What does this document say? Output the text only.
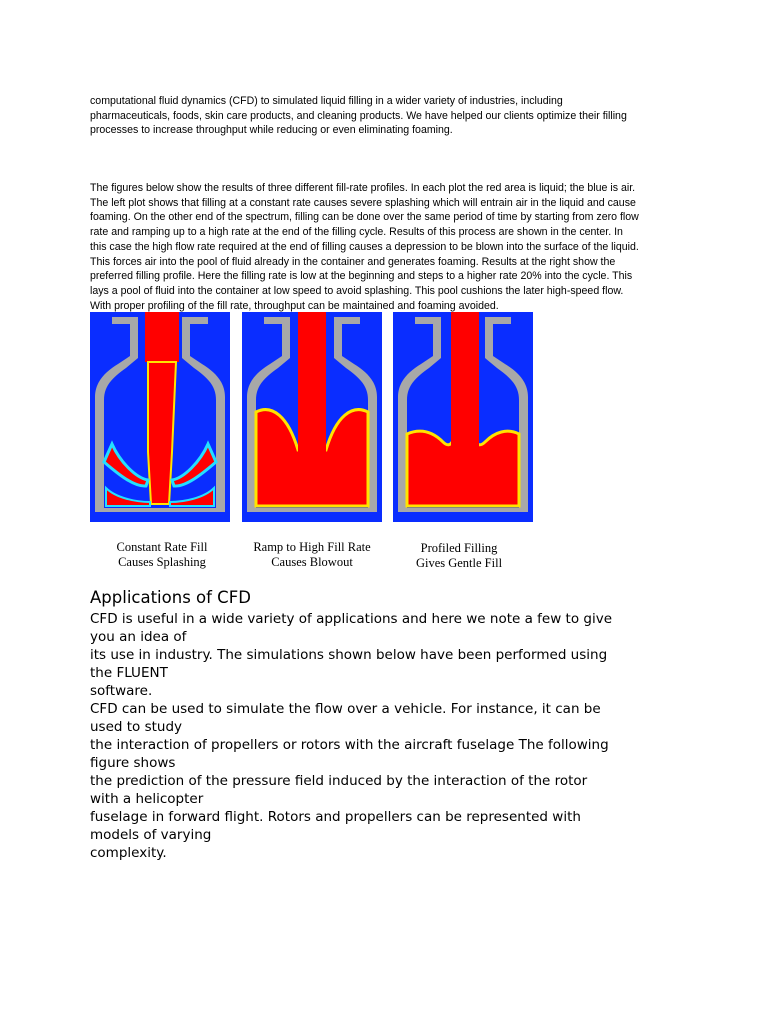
computational fluid dynamics (CFD) to simulated liquid filling in a wider variety of industries, including
pharmaceuticals, foods, skin care products, and cleaning products. We have helped our clients optimize their filling
processes to increase throughput while reducing or even eliminating foaming.

The figures below show the results of three different fill-rate profiles. In each plot the red area is liquid; the blue is air.
The left plot shows that filling at a constant rate causes severe splashing which will entrain air in the liquid and cause
foaming. On the other end of the spectrum, filling can be done over the same period of time by starting from zero flow
rate and ramping up to a high rate at the end of the filling cycle. Results of this process are shown in the center. In
this case the high flow rate required at the end of filling causes a depression to be blown into the surface of the liquid.
This forces air into the pool of fluid already in the container and generates foaming. Results at the right show the
preferred filling profile. Here the filling rate is low at the beginning and steps to a higher rate 20% into the cycle. This
lays a pool of fluid into the container at low speed to avoid splashing. This pool cushions the later high-speed flow.
With proper profiling of the fill rate, throughput can be maintained and foaming avoided.

Constant Rate Fill
Causes Splashing

Ramp to High Fill Rate
Causes Blowout

Profiled Filling
Gives Gentle Fill

Applications of CFD

CFD is useful in a wide variety of applications and here we note a few to give

you an idea of

its use in industry. The simulations shown below have been performed using

the FLUENT

software.

CFD can be used to simulate the flow over a vehicle. For instance, it can be

used to study

the interaction of propellers or rotors with the aircraft fuselage The following

figure shows

the prediction of the pressure field induced by the interaction of the rotor

with a helicopter

fuselage in forward flight. Rotors and propellers can be represented with

models of varying

complexity.
